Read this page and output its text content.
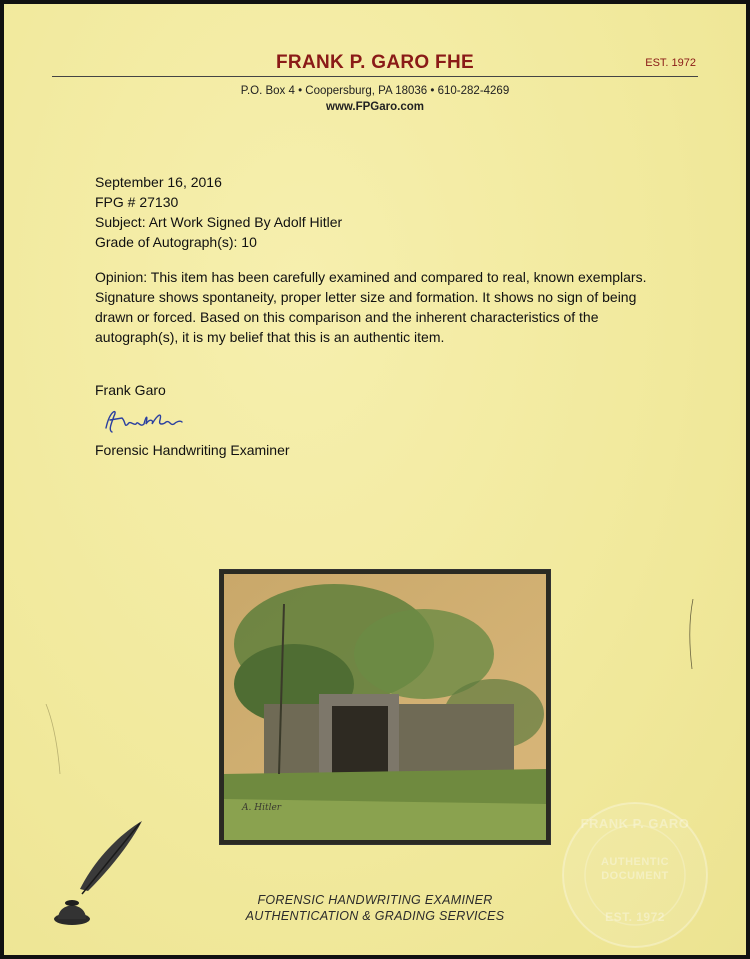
FRANK P. GARO FHE	EST. 1972
P.O. Box 4 • Coopersburg, PA 18036 • 610-282-4269
www.FPGaro.com
September 16, 2016
FPG # 27130
Subject: Art Work Signed By Adolf Hitler
Grade of Autograph(s): 10
Opinion: This item has been carefully examined and compared to real, known exemplars. Signature shows spontaneity, proper letter size and formation. It shows no sign of being drawn or forced. Based on this comparison and the inherent characteristics of the autograph(s), it is my belief that this is an authentic item.
Frank Garo
Forensic Handwriting Examiner
A. Hitler
FORENSIC HANDWRITING EXAMINER
AUTHENTICATION & GRADING SERVICES
FRANK P. GARO
AUTHENTIC
DOCUMENT
EST. 1972
